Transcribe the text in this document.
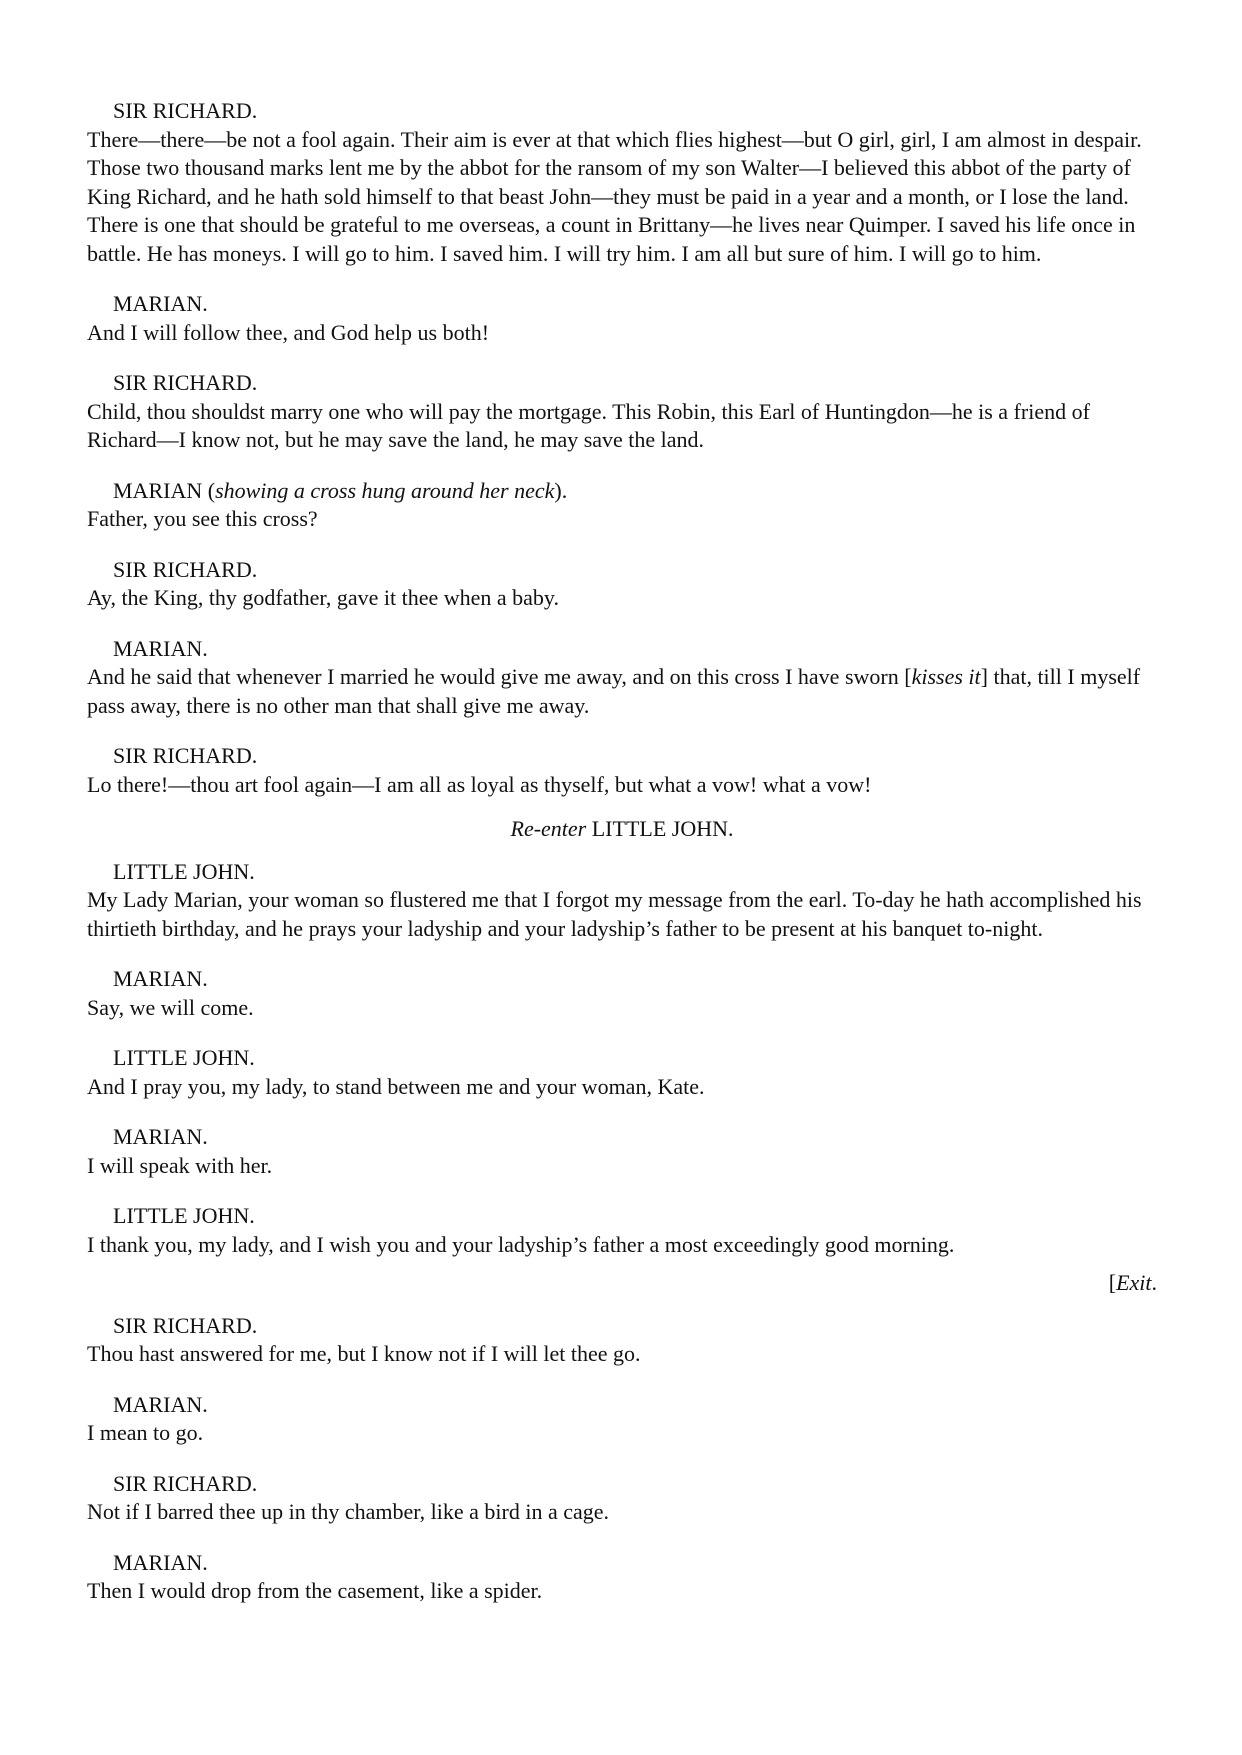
SIR RICHARD.
There—there—be not a fool again. Their aim is ever at that which flies highest—but O girl, girl, I am almost in despair. Those two thousand marks lent me by the abbot for the ransom of my son Walter—I believed this abbot of the party of King Richard, and he hath sold himself to that beast John—they must be paid in a year and a month, or I lose the land. There is one that should be grateful to me overseas, a count in Brittany—he lives near Quimper. I saved his life once in battle. He has moneys. I will go to him. I saved him. I will try him. I am all but sure of him. I will go to him.
MARIAN.
And I will follow thee, and God help us both!
SIR RICHARD.
Child, thou shouldst marry one who will pay the mortgage. This Robin, this Earl of Huntingdon—he is a friend of Richard—I know not, but he may save the land, he may save the land.
MARIAN (showing a cross hung around her neck).
Father, you see this cross?
SIR RICHARD.
Ay, the King, thy godfather, gave it thee when a baby.
MARIAN.
And he said that whenever I married he would give me away, and on this cross I have sworn [kisses it] that, till I myself pass away, there is no other man that shall give me away.
SIR RICHARD.
Lo there!—thou art fool again—I am all as loyal as thyself, but what a vow! what a vow!
Re-enter LITTLE JOHN.
LITTLE JOHN.
My Lady Marian, your woman so flustered me that I forgot my message from the earl. To-day he hath accomplished his thirtieth birthday, and he prays your ladyship and your ladyship’s father to be present at his banquet to-night.
MARIAN.
Say, we will come.
LITTLE JOHN.
And I pray you, my lady, to stand between me and your woman, Kate.
MARIAN.
I will speak with her.
LITTLE JOHN.
I thank you, my lady, and I wish you and your ladyship’s father a most exceedingly good morning.
[Exit.
SIR RICHARD.
Thou hast answered for me, but I know not if I will let thee go.
MARIAN.
I mean to go.
SIR RICHARD.
Not if I barred thee up in thy chamber, like a bird in a cage.
MARIAN.
Then I would drop from the casement, like a spider.
